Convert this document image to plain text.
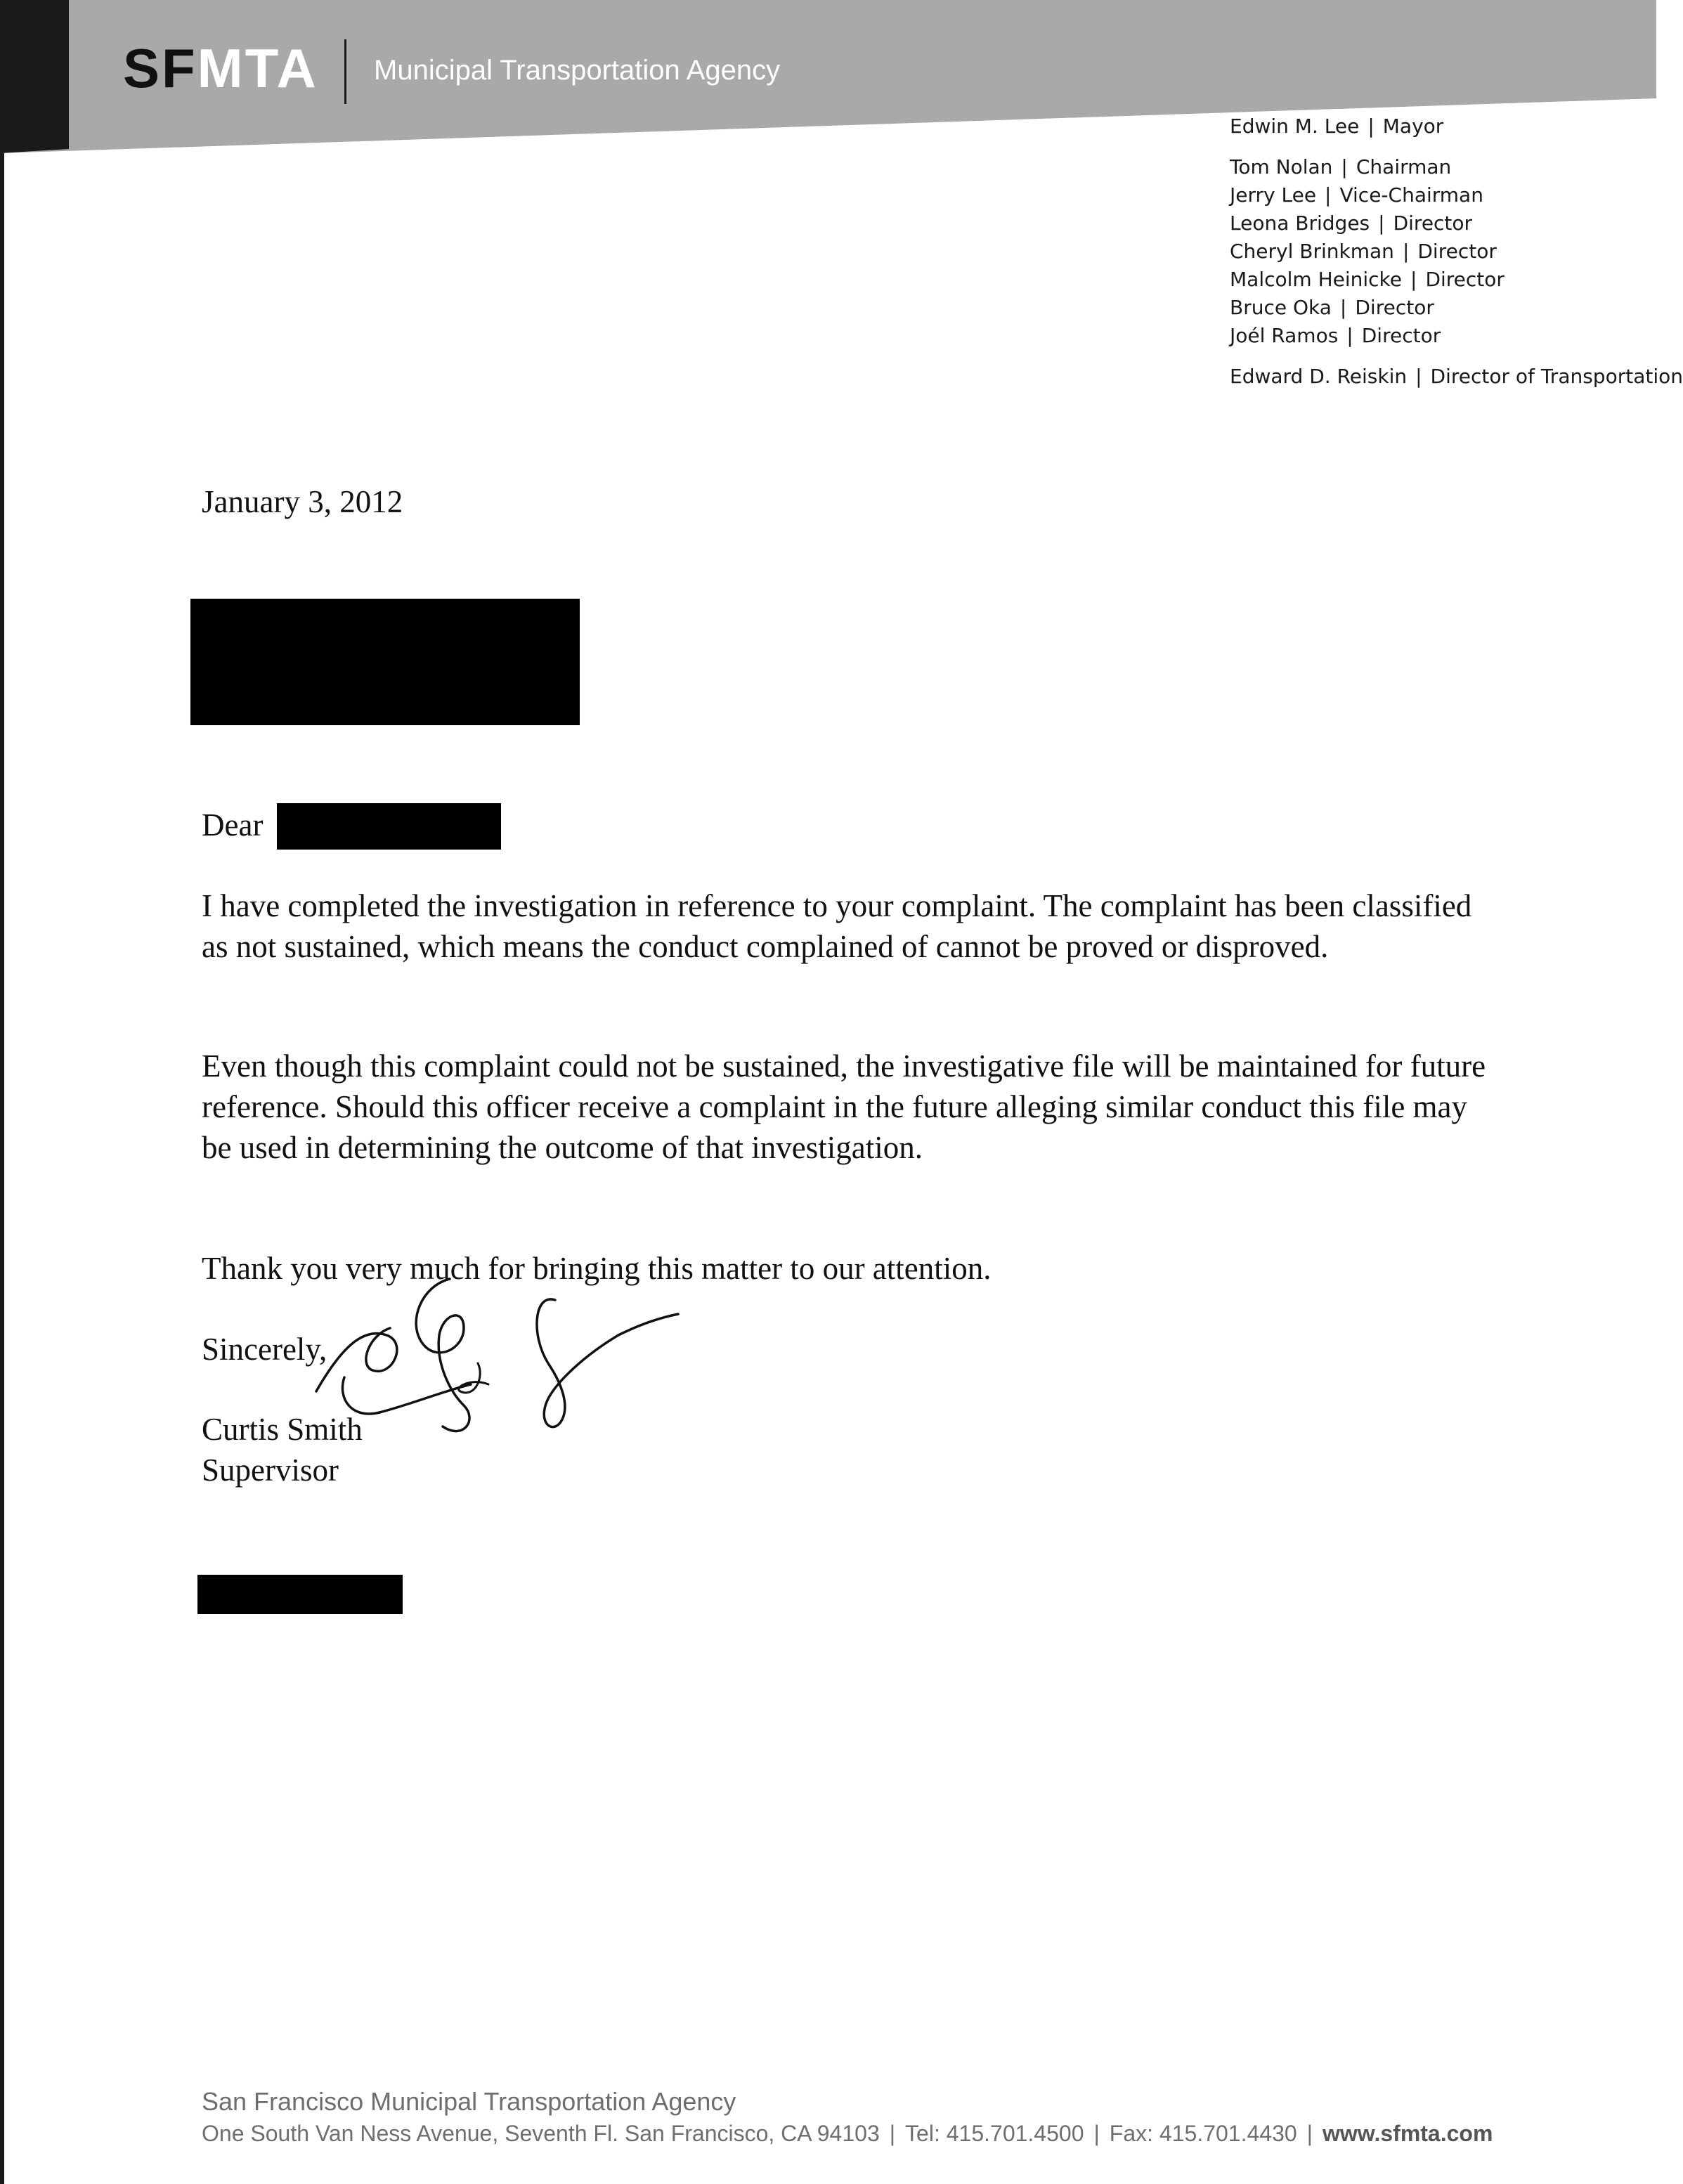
SFMTA Municipal Transportation Agency
Edwin M. Lee | Mayor
Tom Nolan | Chairman
Jerry Lee | Vice-Chairman
Leona Bridges | Director
Cheryl Brinkman | Director
Malcolm Heinicke | Director
Bruce Oka | Director
Joél Ramos | Director
Edward D. Reiskin | Director of Transportation
January 3, 2012
Dear

I have completed the investigation in reference to your complaint. The complaint has been classified as not sustained, which means the conduct complained of cannot be proved or disproved.

Even though this complaint could not be sustained, the investigative file will be maintained for future reference. Should this officer receive a complaint in the future alleging similar conduct this file may be used in determining the outcome of that investigation.

Thank you very much for bringing this matter to our attention.

Sincerely,
Curtis Smith
Supervisor
San Francisco Municipal Transportation Agency
One South Van Ness Avenue, Seventh Fl. San Francisco, CA 94103 | Tel: 415.701.4500 | Fax: 415.701.4430 | www.sfmta.com
